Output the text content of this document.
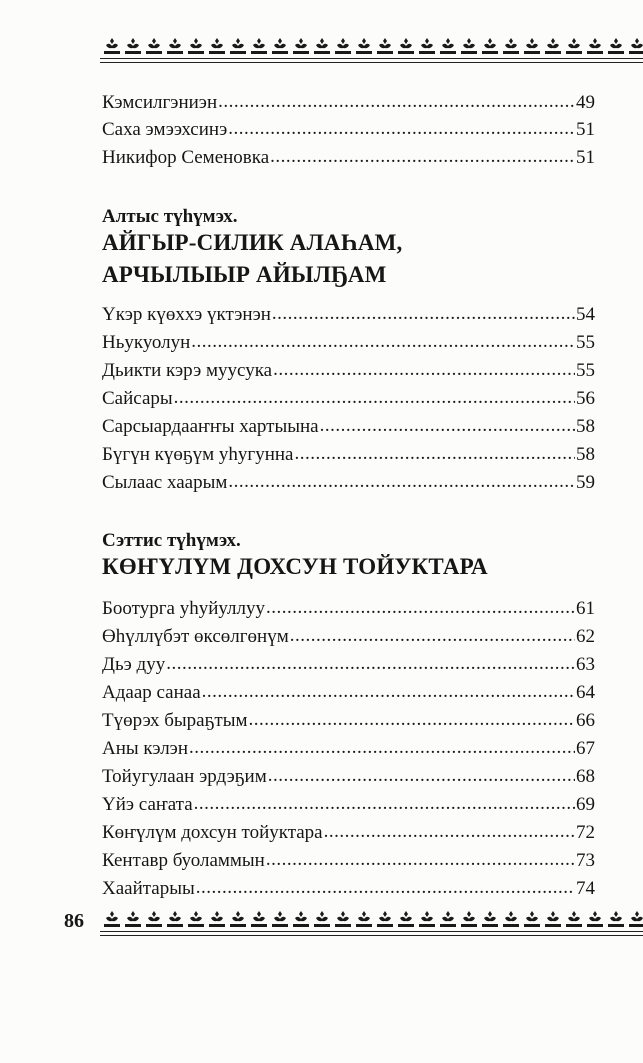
Кэмсилгэниэн .....	49
Саха эмээхсинэ .....	51
Никифор Семеновка .....	51
Алтыс түһүмэх.
АЙГЫР-СИЛИК АЛАҺАМ,
АРЧЫЛЫЫР АЙЫЛҔАМ
Үкэр күөххэ үктэнэн .....	54
Ньукуолун .....	55
Дьикти кэрэ муусука .....	55
Сайсары .....	56
Сарсыардааҥҥы хартыына .....	58
Бүгүн күөҕүм уһугунна .....	58
Сылаас хаарым .....	59
Сэттис түһүмэх.
КӨҤҮЛҮМ ДОХСУН ТОЙУКТАРА
Боотурга уһуйуллуу .....	61
Өһүллүбэт өксөлгөнүм .....	62
Дьэ дуу .....	63
Адаар санаа .....	64
Түөрэх быраҕтым .....	66
Аны кэлэн .....	67
Тойугулаан эрдэҕим .....	68
Үйэ саҥата .....	69
Көҥүлүм дохсун тойуктара .....	72
Кентавр буоламмын .....	73
Хаайтарыы .....	74
86
